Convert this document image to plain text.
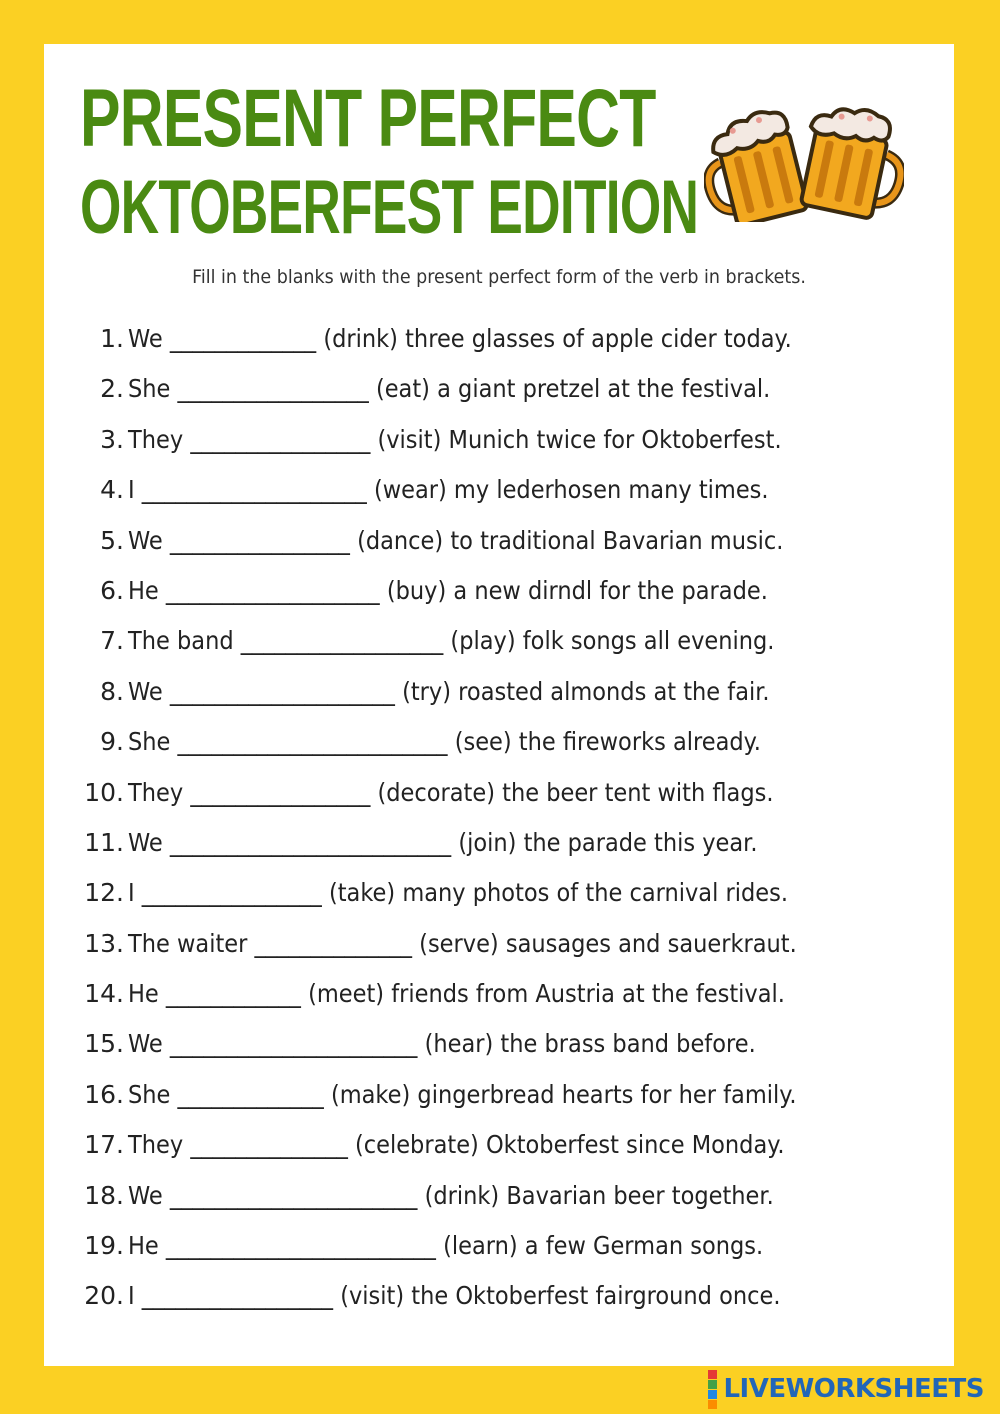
PRESENT PERFECT
OKTOBERFEST EDITION
Fill in the blanks with the present perfect form of the verb in brackets.
1. We _____________ (drink) three glasses of apple cider today.
2. She _________________ (eat) a giant pretzel at the festival.
3. They ________________ (visit) Munich twice for Oktoberfest.
4. I ____________________ (wear) my lederhosen many times.
5. We ________________ (dance) to traditional Bavarian music.
6. He ___________________ (buy) a new dirndl for the parade.
7. The band __________________ (play) folk songs all evening.
8. We ____________________ (try) roasted almonds at the fair.
9. She ________________________ (see) the fireworks already.
10. They ________________ (decorate) the beer tent with flags.
11. We _________________________ (join) the parade this year.
12. I ________________ (take) many photos of the carnival rides.
13. The waiter ______________ (serve) sausages and sauerkraut.
14. He ____________ (meet) friends from Austria at the festival.
15. We ______________________ (hear) the brass band before.
16. She _____________ (make) gingerbread hearts for her family.
17. They ______________ (celebrate) Oktoberfest since Monday.
18. We ______________________ (drink) Bavarian beer together.
19. He ________________________ (learn) a few German songs.
20. I _________________ (visit) the Oktoberfest fairground once.
LIVEWORKSHEETS
